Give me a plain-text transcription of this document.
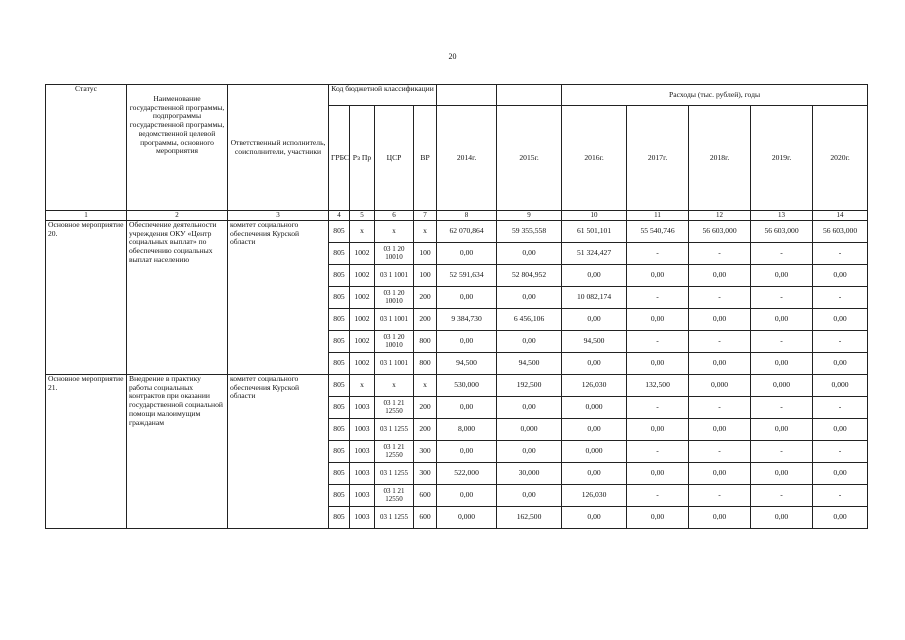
20
Статус	Наименование государственной программы, подпрограммы государственной программы, ведомственной целевой программы, основного мероприятия	Ответственный исполнитель, соисполнители, участники	Код бюджетной классификации						Расходы (тыс. рублей), годы				
			ГРБС	Рз Пр	ЦСР	ВР	2014г.	2015г.	2016г.	2017г.	2018г.	2019г.	2020г.
1	2	3	4	5	6	7	8	9	10	11	12	13	14
Основное мероприятие 20.	Обеспечение деятельности учреждения ОКУ «Центр социальных выплат» по обеспечению социальных выплат населению	комитет социального обеспечения Курской области	805	х	х	х	62 070,864	59 355,558	61 501,101	55 540,746	56 603,000	56 603,000	56 603,000
			805	1002	03 1 20 10010	100	0,00	0,00	51 324,427	-	-	-	-
			805	1002	03 1 1001	100	52 591,634	52 804,952	0,00	0,00	0,00	0,00	0,00
			805	1002	03 1 20 10010	200	0,00	0,00	10 082,174	-	-	-	-
			805	1002	03 1 1001	200	9 384,730	6 456,106	0,00	0,00	0,00	0,00	0,00
			805	1002	03 1 20 10010	800	0,00	0,00	94,500	-	-	-	-
			805	1002	03 1 1001	800	94,500	94,500	0,00	0,00	0,00	0,00	0,00
Основное мероприятие 21.	Внедрение в практику работы социальных контрактов при оказании государственной социальной помощи малоимущим гражданам	комитет социального обеспечения Курской области	805	х	х	х	530,000	192,500	126,030	132,500	0,000	0,000	0,000
			805	1003	03 1 21 12550	200	0,00	0,00	0,000	-	-	-	-
			805	1003	03 1 1255	200	8,000	0,000	0,00	0,00	0,00	0,00	0,00
			805	1003	03 1 21 12550	300	0,00	0,00	0,000	-	-	-	-
			805	1003	03 1 1255	300	522,000	30,000	0,00	0,00	0,00	0,00	0,00
			805	1003	03 1 21 12550	600	0,00	0,00	126,030	-	-	-	-
			805	1003	03 1 1255	600	0,000	162,500	0,00	0,00	0,00	0,00	0,00
